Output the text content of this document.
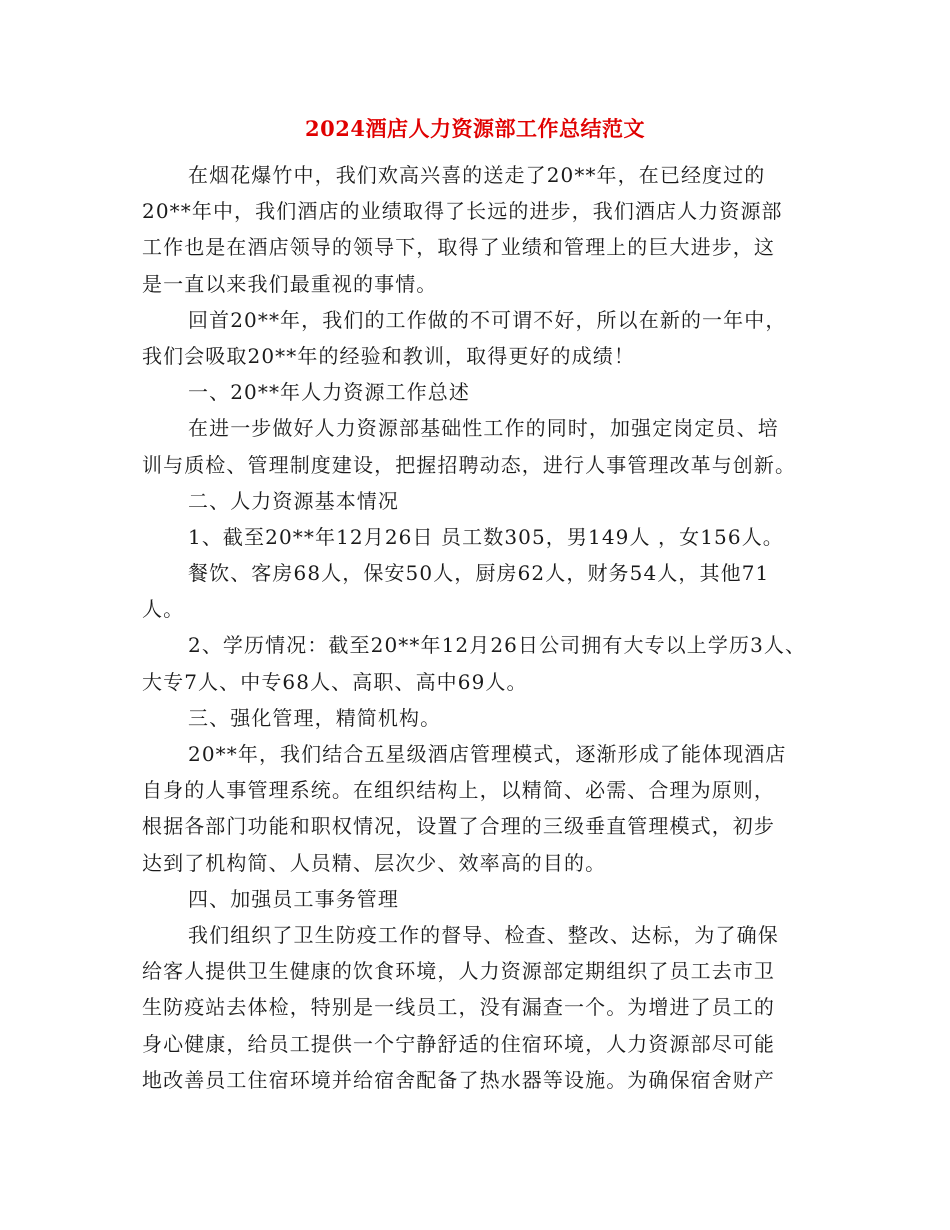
2024酒店人力资源部工作总结范文
在烟花爆竹中，我们欢高兴喜的送走了20**年，在已经度过的
20**年中，我们酒店的业绩取得了长远的进步，我们酒店人力资源部
工作也是在酒店领导的领导下，取得了业绩和管理上的巨大进步，这
是一直以来我们最重视的事情。
回首20**年，我们的工作做的不可谓不好，所以在新的一年中，
我们会吸取20**年的经验和教训，取得更好的成绩！
一、20**年人力资源工作总述
在进一步做好人力资源部基础性工作的同时，加强定岗定员、培
训与质检、管理制度建设，把握招聘动态，进行人事管理改革与创新。
二、人力资源基本情况
1、截至20**年12月26日 员工数305，男149人 ，女156人。
餐饮、客房68人，保安50人，厨房62人，财务54人，其他71
人。
2、学历情况：截至20**年12月26日公司拥有大专以上学历3人、
大专7人、中专68人、高职、高中69人。
三、强化管理，精简机构。
20**年，我们结合五星级酒店管理模式，逐渐形成了能体现酒店
自身的人事管理系统。在组织结构上，以精简、必需、合理为原则，
根据各部门功能和职权情况，设置了合理的三级垂直管理模式，初步
达到了机构简、人员精、层次少、效率高的目的。
四、加强员工事务管理
我们组织了卫生防疫工作的督导、检查、整改、达标，为了确保
给客人提供卫生健康的饮食环境，人力资源部定期组织了员工去市卫
生防疫站去体检，特别是一线员工，没有漏查一个。为增进了员工的
身心健康，给员工提供一个宁静舒适的住宿环境，人力资源部尽可能
地改善员工住宿环境并给宿舍配备了热水器等设施。为确保宿舍财产
